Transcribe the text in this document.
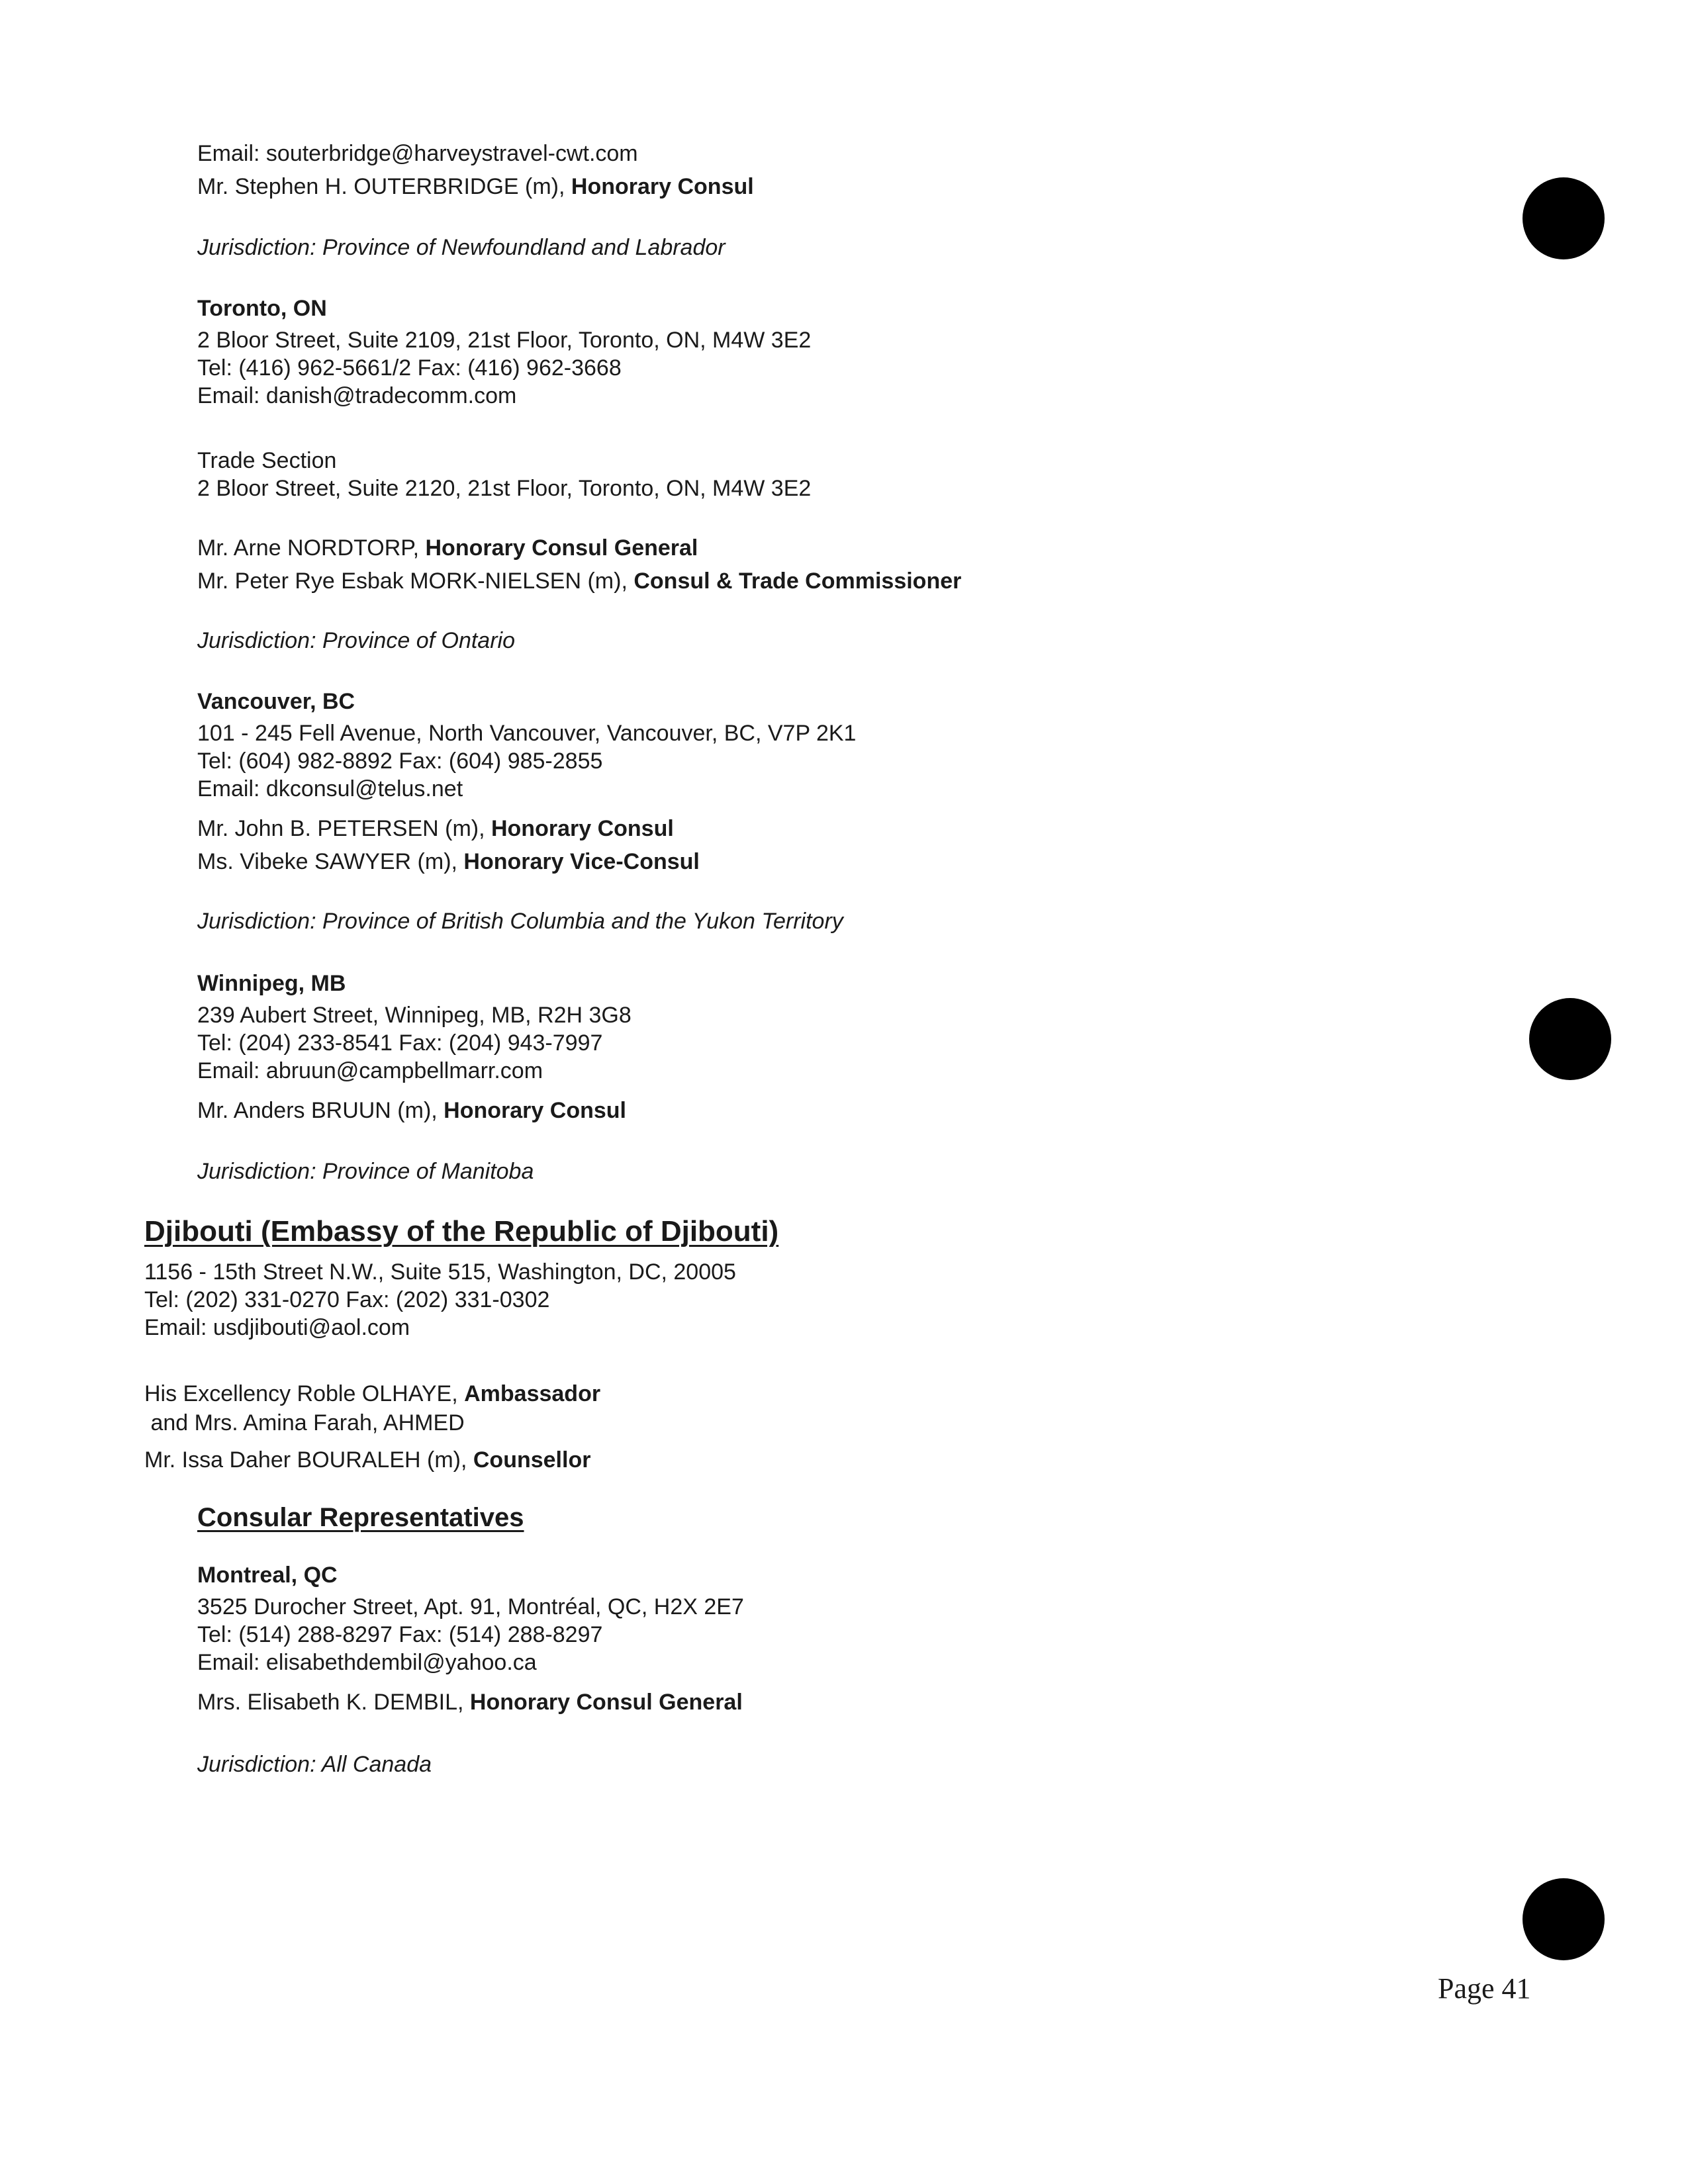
Email: souterbridge@harveystravel-cwt.com
Mr. Stephen H. OUTERBRIDGE (m), Honorary Consul
Jurisdiction: Province of Newfoundland and Labrador
Toronto, ON
2 Bloor Street, Suite 2109, 21st Floor, Toronto, ON, M4W 3E2
Tel: (416) 962-5661/2 Fax: (416) 962-3668
Email: danish@tradecomm.com
Trade Section
2 Bloor Street, Suite 2120, 21st Floor, Toronto, ON, M4W 3E2
Mr. Arne NORDTORP, Honorary Consul General
Mr. Peter Rye Esbak MORK-NIELSEN (m), Consul & Trade Commissioner
Jurisdiction: Province of Ontario
Vancouver, BC
101 - 245 Fell Avenue, North Vancouver, Vancouver, BC, V7P 2K1
Tel: (604) 982-8892 Fax: (604) 985-2855
Email: dkconsul@telus.net
Mr. John B. PETERSEN (m), Honorary Consul
Ms. Vibeke SAWYER (m), Honorary Vice-Consul
Jurisdiction: Province of British Columbia and the Yukon Territory
Winnipeg, MB
239 Aubert Street, Winnipeg, MB, R2H 3G8
Tel: (204) 233-8541 Fax: (204) 943-7997
Email: abruun@campbellmarr.com
Mr. Anders BRUUN (m), Honorary Consul
Jurisdiction: Province of Manitoba
Djibouti (Embassy of the Republic of Djibouti)
1156 - 15th Street N.W., Suite 515, Washington, DC, 20005
Tel: (202) 331-0270 Fax: (202) 331-0302
Email: usdjibouti@aol.com
His Excellency Roble OLHAYE, Ambassador
and Mrs. Amina Farah, AHMED
Mr. Issa Daher BOURALEH (m), Counsellor
Consular Representatives
Montreal, QC
3525 Durocher Street, Apt. 91, Montréal, QC, H2X 2E7
Tel: (514) 288-8297 Fax: (514) 288-8297
Email: elisabethdembil@yahoo.ca
Mrs. Elisabeth K. DEMBIL, Honorary Consul General
Jurisdiction: All Canada
Page 41
